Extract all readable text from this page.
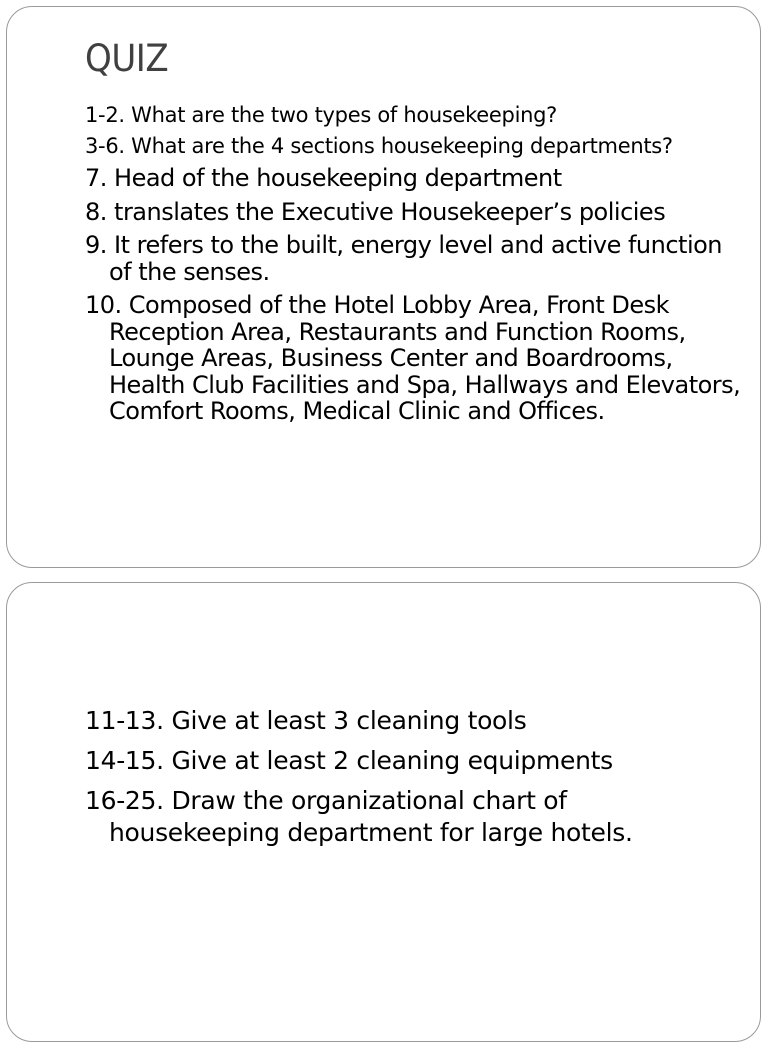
QUIZ
1-2. What are the two types of housekeeping?
3-6. What are the 4 sections housekeeping departments?
7. Head of the housekeeping department
8. translates the Executive Housekeeper’s policies
9. It refers to the built, energy level and active function of the senses.
10. Composed of the Hotel Lobby Area, Front Desk Reception Area, Restaurants and Function Rooms, Lounge Areas, Business Center and Boardrooms, Health Club Facilities and Spa, Hallways and Elevators, Comfort Rooms, Medical Clinic and Offices.
11-13. Give at least 3 cleaning tools
14-15. Give at least 2 cleaning equipments
16-25. Draw the organizational chart of housekeeping department for large hotels.
